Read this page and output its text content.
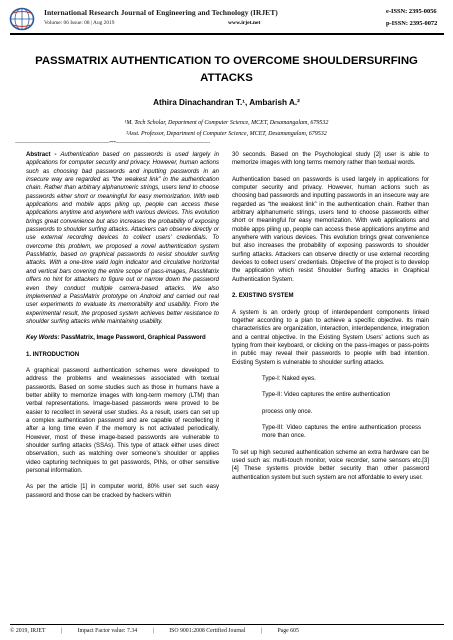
International Research Journal of Engineering and Technology (IRJET)
Volume: 06 Issue: 08 | Aug 2019	www.irjet.net
e-ISSN: 2395-0056
p-ISSN: 2395-0072
PASSMATRIX AUTHENTICATION TO OVERCOME SHOULDERSURFING ATTACKS
Athira Dinachandran T.¹, Ambarish A.²
¹M. Tech Scholar, Department of Computer Science, MCET, Desamangalam, 679532
²Asst. Professor, Department of Computer Science, MCET, Desamangalam, 679532
---------------------------------------------------------------------***---------------------------------------------------------------------

Abstract - Authentication based on passwords is used largely in applications for computer security and privacy. However, human actions such as choosing bad passwords and inputting passwords in an insecure way are regarded as “the weakest link” in the authentication chain. Rather than arbitrary alphanumeric strings, users tend to choose passwords either short or meaningful for easy memorization. With web applications and mobile apps piling up, people can access these applications anytime and anywhere with various devices. This evolution brings great convenience but also increases the probability of exposing passwords to shoulder surfing attacks. Attackers can observe directly or use external recording devices to collect users’ credentials. To overcome this problem, we proposed a novel authentication system PassMatrix, based on graphical passwords to resist shoulder surfing attacks. With a one-time valid login indicator and circulative horizontal and vertical bars covering the entire scope of pass-images, PassMatrix offers no hint for attackers to figure out or narrow down the password even they conduct multiple camera-based attacks. We also implemented a PassMatrix prototype on Android and carried out real user experiments to evaluate its memorability and usability. From the experimental result, the proposed system achieves better resistance to shoulder surfing attacks while maintaining usability.

Key Words: PassMatrix, Image Password, Graphical Password

1. INTRODUCTION

A graphical password authentication schemes were developed to address the problems and weaknesses associated with textual passwords. Based on some studies such as those in humans have a better ability to memorize images with long-term memory (LTM) than verbal representations. Image-based passwords were proved to be easier to recollect in several user studies. As a result, users can set up a complex authentication password and are capable of recollecting it after a long time even if the memory is not activated periodically. However, most of these image-based passwords are vulnerable to shoulder surfing attacks (SSAs). This type of attack either uses direct observation, such as watching over someone’s shoulder or applies video capturing techniques to get passwords, PINs, or other sensitive personal information.

As per the article [1] in computer world, 80% user set such easy password and those can be cracked by hackers within

30 seconds. Based on the Psychological study [2] user is able to memorize images with long terms memory rather than textual words.

Authentication based on passwords is used largely in applications for computer security and privacy. However, human actions such as choosing bad passwords and inputting passwords in an insecure way are regarded as “the weakest link” in the authentication chain. Rather than arbitrary alphanumeric strings, users tend to choose passwords either short or meaningful for easy memorization. With web applications and mobile apps piling up, people can access these applications anytime and anywhere with various devices. This evolution brings great convenience but also increases the probability of exposing passwords to shoulder surfing attacks. Attackers can observe directly or use external recording devices to collect users’ credentials. Objective of the project is to develop the application which resist Shoulder Surfing attacks in Graphical Authentication System.

2. EXISTING SYSTEM

A system is an orderly group of interdependent components linked together according to a plan to achieve a specific objective. Its main characteristics are organization, interaction, interdependence, integration and a central objective. In the Existing System Users’ actions such as typing from their keyboard, or clicking on the pass-images or pass-points in public may reveal their passwords to people with bad intention. Existing System is vulnerable to shoulder surfing attacks.

Type-I: Naked eyes.

Type-II: Video captures the entire authentication

process only once.

Type-III: Video captures the entire authentication process more than once.

To set up high secured authentication scheme an extra hardware can be used such as: multi-touch monitor, voice recorder, some sensors etc.[3][4] These systems provide better security than other password authentication system but such system are not affordable to every user.

© 2019, IRJET	|	Impact Factor value: 7.34	|	ISO 9001:2008 Certified Journal	|	Page 605
